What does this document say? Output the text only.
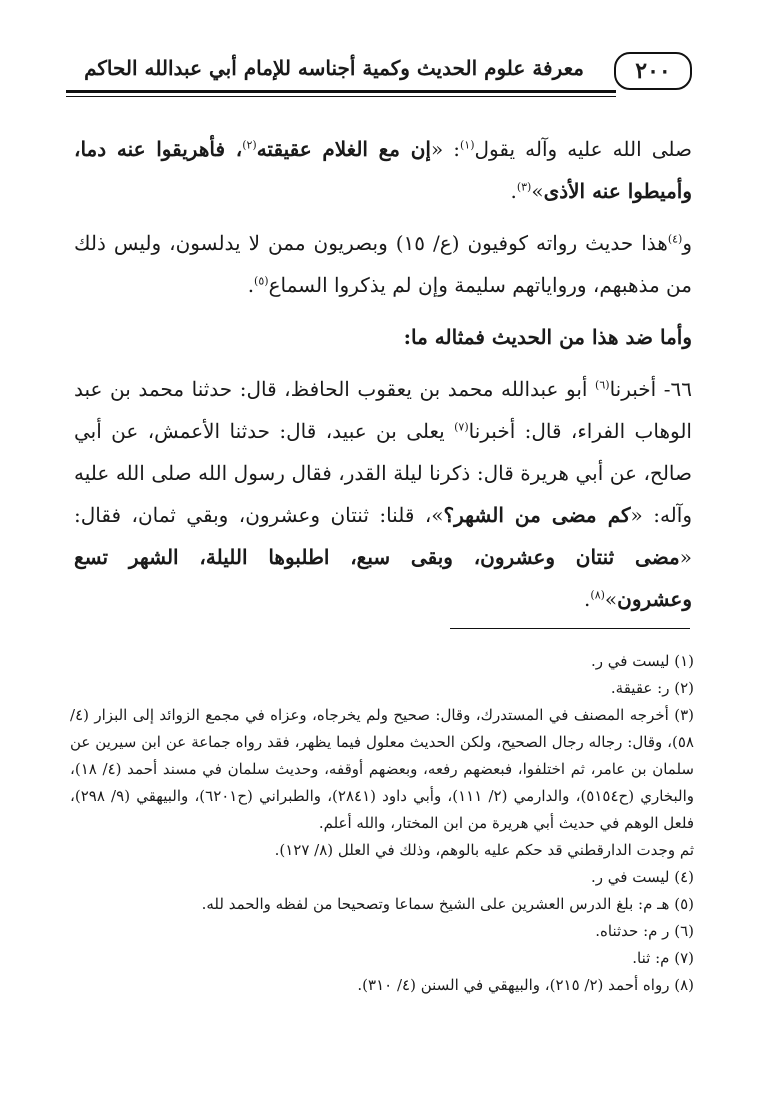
٢٠٠
معرفة علوم الحديث وكمية أجناسه للإمام أبي عبدالله الحاكم

صلى الله عليه وآله يقول$^{(١)}$: «إن مع الغلام عقيقته$^{(٢)}$، فأهريقوا عنه دما، وأميطوا عنه الأذى»$^{(٣)}$.

و$^{(٤)}$هذا حديث رواته كوفيون (ع/ ١٥) وبصريون ممن لا يدلسون، وليس ذلك من مذهبهم، ورواياتهم سليمة وإن لم يذكروا السماع$^{(٥)}$.

وأما ضد هذا من الحديث فمثاله ما:

٦٦- أخبرنا$^{(٦)}$ أبو عبدالله محمد بن يعقوب الحافظ، قال: حدثنا محمد بن عبد الوهاب الفراء، قال: أخبرنا$^{(٧)}$ يعلى بن عبيد، قال: حدثنا الأعمش، عن أبي صالح، عن أبي هريرة قال: ذكرنا ليلة القدر، فقال رسول الله صلى الله عليه وآله: «كم مضى من الشهر؟»، قلنا: ثنتان وعشرون، وبقي ثمان، فقال: «مضى ثنتان وعشرون، وبقى سبع، اطلبوها الليلة، الشهر تسع وعشرون»$^{(٨)}$.

(١) ليست في ر.

(٢) ر: عقيقة.

(٣) أخرجه المصنف في المستدرك، وقال: صحيح ولم يخرجاه، وعزاه في مجمع الزوائد إلى البزار (٤/ ٥٨)، وقال: رجاله رجال الصحيح، ولكن الحديث معلول فيما يظهر، فقد رواه جماعة عن ابن سيرين عن سلمان بن عامر، ثم اختلفوا، فبعضهم رفعه، وبعضهم أوقفه، وحديث سلمان في مسند أحمد (٤/ ١٨)، والبخاري (ح٥١٥٤)، والدارمي (٢/ ١١١)، وأبي داود (٢٨٤١)، والطبراني (ح٦٢٠١)، والبيهقي (٩/ ٢٩٨)، فلعل الوهم في حديث أبي هريرة من ابن المختار، والله أعلم.

ثم وجدت الدارقطني قد حكم عليه بالوهم، وذلك في العلل (٨/ ١٢٧).

(٤) ليست في ر.

(٥) هـ م: بلغ الدرس العشرين على الشيخ سماعا وتصحيحا من لفظه والحمد لله.

(٦) ر م: حدثناه.

(٧) م: ثنا.

(٨) رواه أحمد (٢/ ٢١٥)، والبيهقي في السنن (٤/ ٣١٠).
